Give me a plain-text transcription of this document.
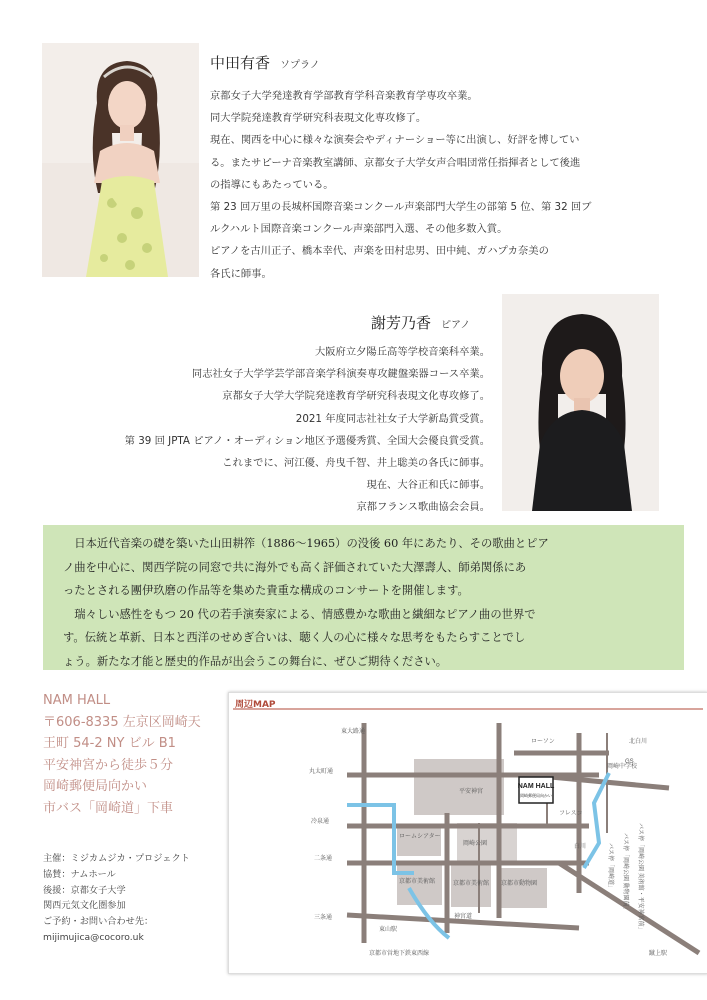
中田有香 ソプラノ
京都女子大学発達教育学部教育学科音楽教育学専攻卒業。
同大学院発達教育学研究科表現文化専攻修了。
現在、関西を中心に様々な演奏会やディナーショー等に出演し、好評を博してい
る。またサピーナ音楽教室講師、京都女子大学女声合唱団常任指揮者として後進
の指導にもあたっている。
第 23 回万里の長城杯国際音楽コンクール声楽部門大学生の部第 5 位、第 32 回ブ
ルクハルト国際音楽コンクール声楽部門入選、その他多数入賞。
ピアノを古川正子、橋本幸代、声楽を田村忠男、田中純、ガハプカ奈美の
各氏に師事。
謝芳乃香 ピアノ
大阪府立夕陽丘高等学校音楽科卒業。
同志社女子大学学芸学部音楽学科演奏専攻鍵盤楽器コース卒業。
京都女子大学大学院発達教育学研究科表現文化専攻修了。
2021 年度同志社社女子大学新島賞受賞。
第 39 回 JPTA ピアノ・オーディション地区予選優秀賞、全国大会優良賞受賞。
これまでに、河江優、舟曳千智、井上聡美の各氏に師事。
現在、大谷正和氏に師事。
京都フランス歌曲協会会員。
　日本近代音楽の礎を築いた山田耕筰（1886～1965）の没後 60 年にあたり、その歌曲とピア
ノ曲を中心に、関西学院の同窓で共に海外でも高く評価されていた大澤壽人、師弟関係にあ
ったとされる團伊玖磨の作品等を集めた貴重な構成のコンサートを開催します。
　瑞々しい感性をもつ 20 代の若手演奏家による、情感豊かな歌曲と繊細なピアノ曲の世界で
す。伝統と革新、日本と西洋のせめぎ合いは、聴く人の心に様々な思考をもたらすことでし
ょう。新たな才能と歴史的作品が出会うこの舞台に、ぜひご期待ください。
NAM HALL
〒606-8335 左京区岡崎天
王町 54-2 NY ビル B1
平安神宮から徒歩５分
岡崎郵便局向かい
市バス「岡崎道」下車
主催：ミジカムジカ・プロジェクト
協賛：ナムホール
後援：京都女子大学
関西元気文化圏参加
ご予約・お問い合わせ先：
mijimujica@cocoro.uk
周辺MAP
NAM HALL
岡崎郵便局向かい
平安神宮
ロームシアター
岡崎公園
京都市動物園
京都市美術館
京都市美術館
東大路通
丸太町通
冷泉通
二条通
三条通
北白川
神宮道
白川
蹴上駅
東山駅
京都市営地下鉄東西線
ローソン
岡崎中学校
フレスコ
GS
バス停「岡崎道」	バス停「岡崎公園 動物園前」	バス停「岡崎公園 美術館・平安神宮前」
